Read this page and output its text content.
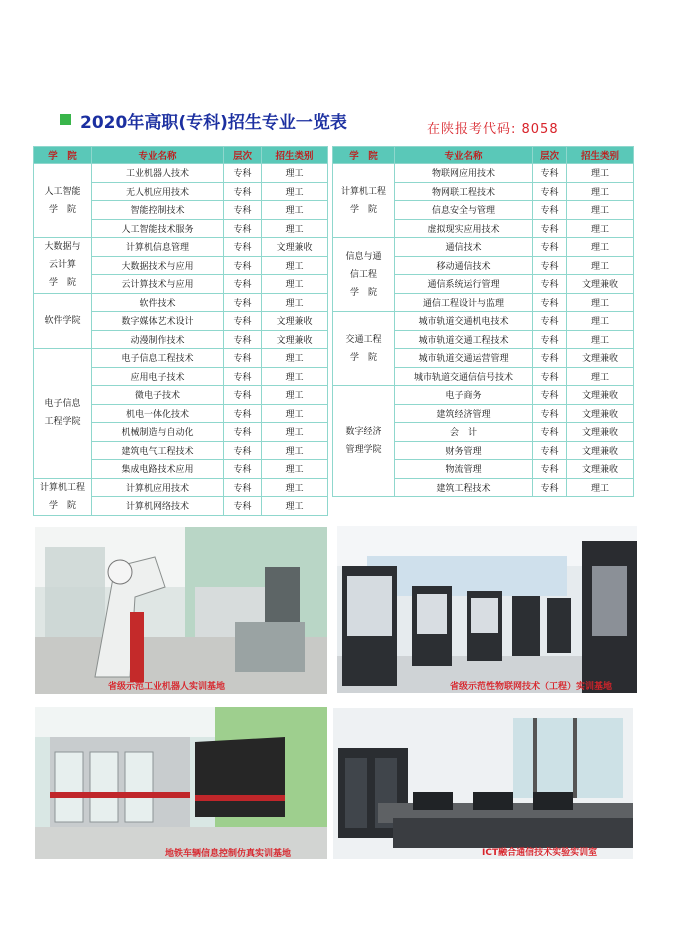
2020年高职(专科)招生专业一览表	在陕报考代码: 8058
学　院	专业名称	层次	招生类别
人工智能
学　院	工业机器人技术	专科	理工
	无人机应用技术	专科	理工
	智能控制技术	专科	理工
	人工智能技术服务	专科	理工
大数据与
云计算
学　院	计算机信息管理	专科	文理兼收
	大数据技术与应用	专科	理工
	云计算技术与应用	专科	理工
软件学院	软件技术	专科	理工
	数字媒体艺术设计	专科	文理兼收
	动漫制作技术	专科	文理兼收
电子信息
工程学院	电子信息工程技术	专科	理工
	应用电子技术	专科	理工
	微电子技术	专科	理工
	机电一体化技术	专科	理工
	机械制造与自动化	专科	理工
	建筑电气工程技术	专科	理工
	集成电路技术应用	专科	理工
计算机工程
学　院	计算机应用技术	专科	理工
	计算机网络技术	专科	理工
学　院	专业名称	层次	招生类别
计算机工程
学　院	物联网应用技术	专科	理工
	物网联工程技术	专科	理工
	信息安全与管理	专科	理工
	虚拟现实应用技术	专科	理工
信息与通
信工程
学　院	通信技术	专科	理工
	移动通信技术	专科	理工
	通信系统运行管理	专科	文理兼收
	通信工程设计与监理	专科	理工
交通工程
学　院	城市轨道交通机电技术	专科	理工
	城市轨道交通工程技术	专科	理工
	城市轨道交通运营管理	专科	文理兼收
	城市轨道交通信信号技术	专科	理工
数字经济
管理学院	电子商务	专科	文理兼收
	建筑经济管理	专科	文理兼收
	会　计	专科	文理兼收
	财务管理	专科	文理兼收
	物流管理	专科	文理兼收
	建筑工程技术	专科	理工
省级示范工业机器人实训基地	省级示范性物联网技术（工程）实训基地
地铁车辆信息控制仿真实训基地	ICT融合通信技术实验实训室
